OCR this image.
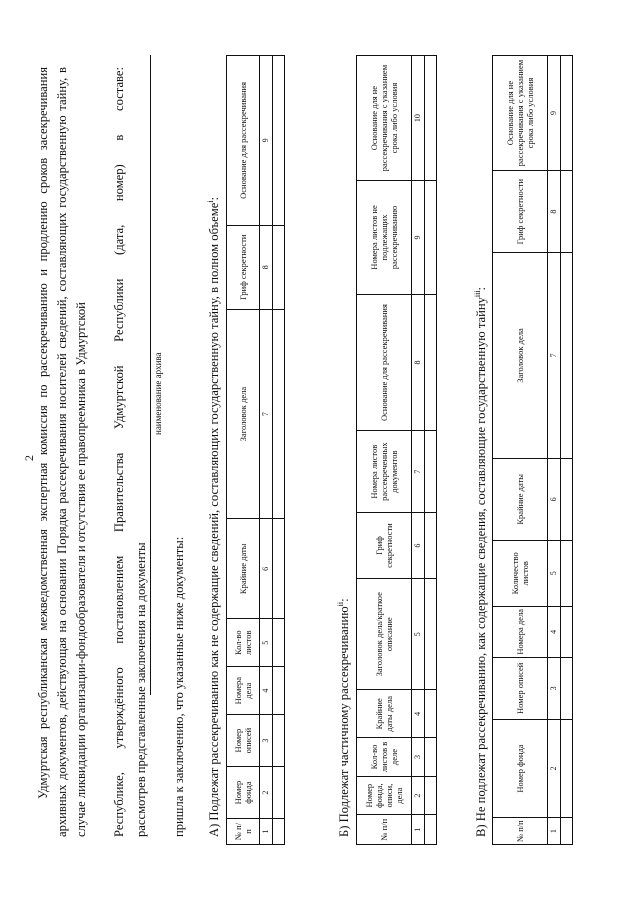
2 Удмуртская республиканская межведомственная экспертная комиссия по рассекречиванию и продлению сроков засекречивания архивных документов, действующая на основании Порядка рассекречивания носителей сведений, составляющих государственную тайну, в случае ликвидации организации-фондообразователя и отсутствия ее правопреемника в Удмуртской Республике,
утверждённого
постановлением
Правительства
Удмуртской
Республики
(дата,
номер)
в
составе:
рассмотрев представленные заключения на документы
наименование архива
пришла к заключению, что указанные ниже документы: А) Подлежат рассекречиванию как не содержащие сведений, составляющих государственную тайну, в полном объеме$^i$:
№ п/п	Номер фонда	Номер описей	Номера дела	Кол-во листов	Крайние даты	Заголовок дела	Гриф секретности	Основание для рассекречивания
1	2	3	4	5	6	7	8	9

Б) Подлежат частичному рассекречиванию$^{ii}$:
№ п/п	Номер фонда, описи, дела	Кол-во листов в деле	Крайние даты дела	Заголовок дела/краткое описание	Гриф секретности	Номера листов рассекреченных документов	Основание для рассекречивания	Номера листов не подлежащих рассекречиванию	Основание для не рассекречивания с указанием срока либо условия
1	2	3	4	5	6	7	8	9	10

В) Не подлежат рассекречиванию, как содержащие сведения, составляющие государственную тайну$^{iii}$:
№ п/п	Номер фонда	Номер описей	Номера дела	Количество листов	Крайние даты	Заголовок дела	Гриф секретности	Основание для не рассекречивания с указанием срока либо условия
1	2	3	4	5	6	7	8	9
